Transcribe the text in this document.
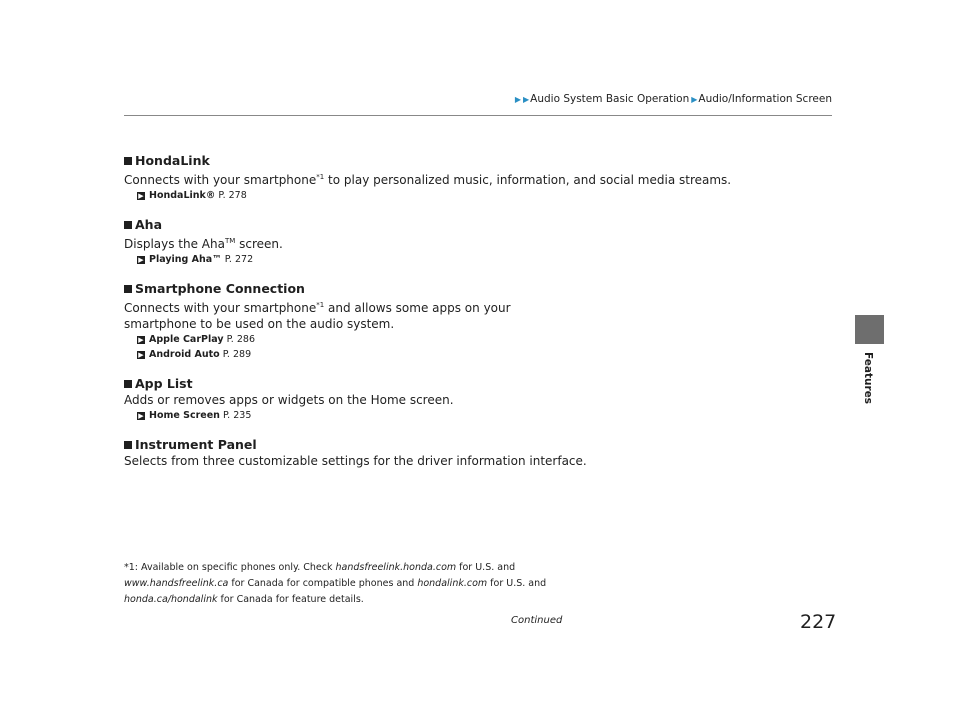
▶ ▶ Audio System Basic Operation ▶ Audio/Information Screen
Features
HondaLink
Connects with your smartphone$^{*1}$ to play personalized music, information, and social media streams.
▶ HondaLink® P. 278
Aha
Displays the Aha™ screen.
▶ Playing Aha™ P. 272
Smartphone Connection
Connects with your smartphone$^{*1}$ and allows some apps on your smartphone to be used on the audio system.
▶ Apple CarPlay P. 286
▶ Android Auto P. 289
App List
Adds or removes apps or widgets on the Home screen.
▶ Home Screen P. 235
Instrument Panel
Selects from three customizable settings for the driver information interface.
*1: Available on specific phones only. Check handsfreelink.honda.com for U.S. and www.handsfreelink.ca for Canada for compatible phones and hondalink.com for U.S. and honda.ca/hondalink for Canada for feature details.
Continued	227
